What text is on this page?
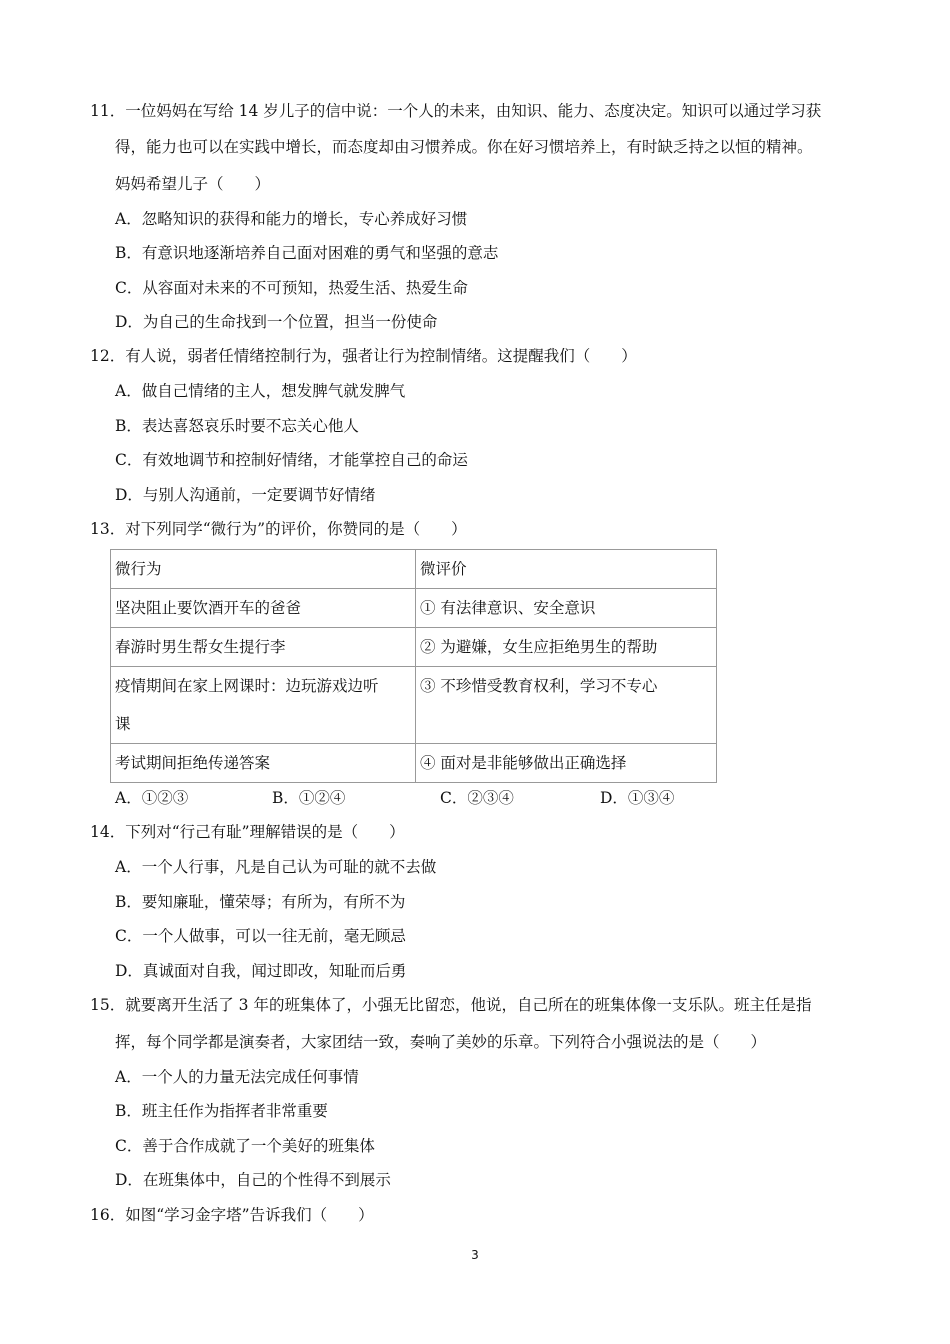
11．一位妈妈在写给 14 岁儿子的信中说：一个人的未来，由知识、能力、态度决定。知识可以通过学习获
得，能力也可以在实践中增长，而态度却由习惯养成。你在好习惯培养上，有时缺乏持之以恒的精神。
妈妈希望儿子（　　）
A．忽略知识的获得和能力的增长，专心养成好习惯
B．有意识地逐渐培养自己面对困难的勇气和坚强的意志
C．从容面对未来的不可预知，热爱生活、热爱生命
D．为自己的生命找到一个位置，担当一份使命
12．有人说，弱者任情绪控制行为，强者让行为控制情绪。这提醒我们（　　）
A．做自己情绪的主人，想发脾气就发脾气
B．表达喜怒哀乐时要不忘关心他人
C．有效地调节和控制好情绪，才能掌控自己的命运
D．与别人沟通前，一定要调节好情绪
13．对下列同学“微行为”的评价，你赞同的是（　　）
微行为	微评价
坚决阻止要饮酒开车的爸爸	① 有法律意识、安全意识
春游时男生帮女生提行李	② 为避嫌，女生应拒绝男生的帮助
疫情期间在家上网课时：边玩游戏边听
课	③ 不珍惜受教育权利，学习不专心
考试期间拒绝传递答案	④ 面对是非能够做出正确选择
A．①②③	B．①②④	C．②③④	D．①③④
14．下列对“行己有耻”理解错误的是（　　）
A．一个人行事，凡是自己认为可耻的就不去做
B．要知廉耻，懂荣辱；有所为，有所不为
C．一个人做事，可以一往无前，毫无顾忌
D．真诚面对自我，闻过即改，知耻而后勇
15．就要离开生活了 3 年的班集体了，小强无比留恋，他说，自己所在的班集体像一支乐队。班主任是指
挥，每个同学都是演奏者，大家团结一致，奏响了美妙的乐章。下列符合小强说法的是（　　）
A．一个人的力量无法完成任何事情
B．班主任作为指挥者非常重要
C．善于合作成就了一个美好的班集体
D．在班集体中，自己的个性得不到展示
16．如图“学习金字塔”告诉我们（　　）
3
